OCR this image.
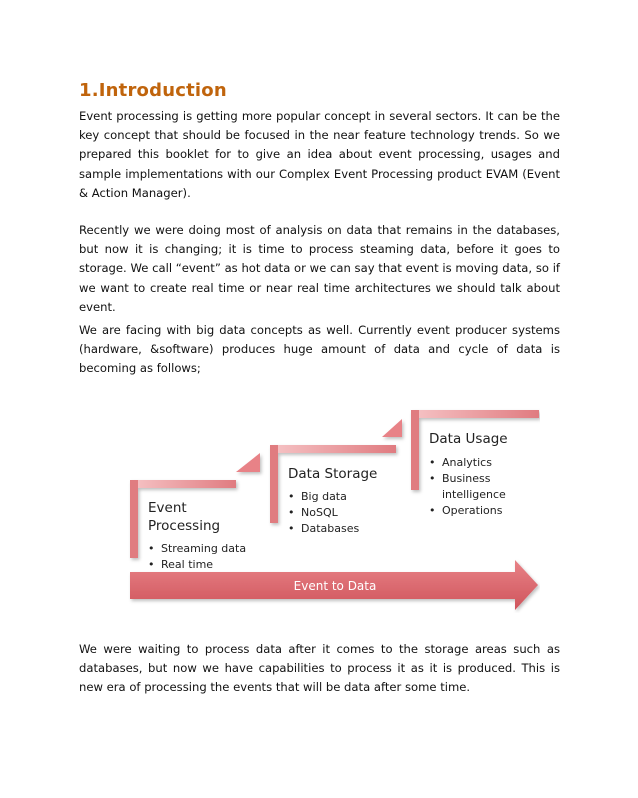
1.Introduction

Event processing is getting more popular concept in several sectors. It can be the key concept that should be focused in the near feature technology trends. So we prepared this booklet for to give an idea about event processing, usages and sample implementations with our Complex Event Processing product EVAM (Event & Action Manager).

Recently we were doing most of analysis on data that remains in the databases, but now it is changing; it is time to process steaming data, before it goes to storage. We call “event” as hot data or we can say that event is moving data, so if we want to create real time or near real time architectures we should talk about event.

We are facing with big data concepts as well. Currently event producer systems (hardware, &software) produces huge amount of data and cycle of data is becoming as follows;

Event Processing
• Streaming data
• Real time
Data Storage
• Big data
• NoSQL
• Databases
Data Usage
• Analytics
• Business intelligence
• Operations
Event to Data

We were waiting to process data after it comes to the storage areas such as databases, but now we have capabilities to process it as it is produced. This is new era of processing the events that will be data after some time.
